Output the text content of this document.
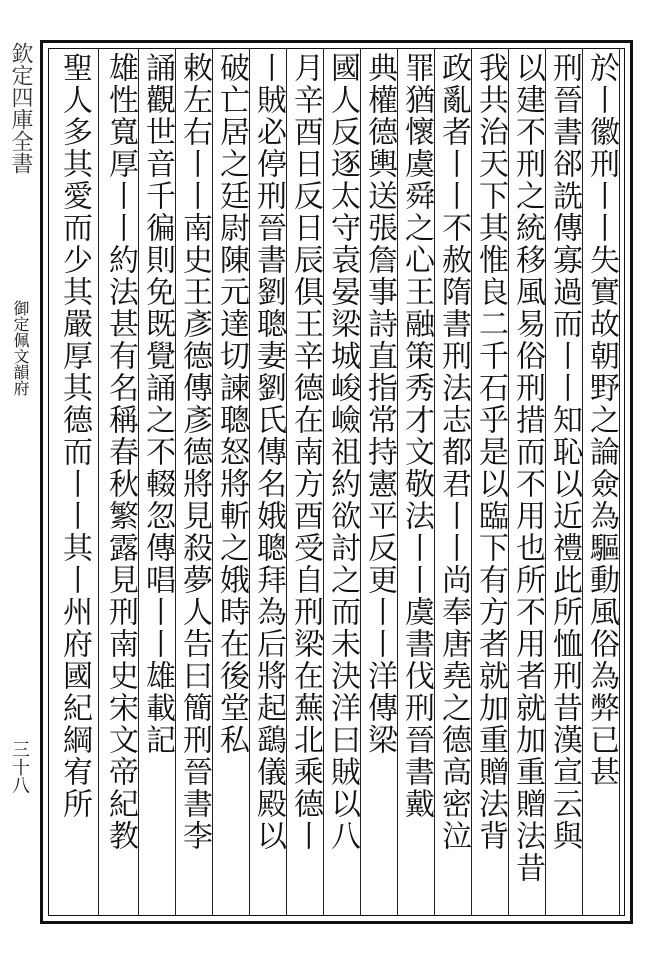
欽定四庫全書
御定佩文韻府
三十八	於丨徽刑丨丨失實故朝野之論僉為驅動風俗為弊已甚
刑晉書郤詵傳寡過而丨丨知恥以近禮此所恤刑昔漢宣云與
以建不刑之統移風易俗刑措而不用也所不用者就加重贈法昔
我共治天下其惟良二千石乎是以臨下有方者就加重贈法背
政亂者丨丨不赦隋書刑法志都君丨丨尚奉唐堯之德高密泣
罪猶懷虞舜之心王融策秀才文敬法丨丨虞書伐刑晉書戴
典權德輿送張詹事詩直指常持憲平反更丨丨洋傳梁
國人反逐太守袁晏梁城峻嶮祖約欲討之而未決洋曰賊以八
月辛酉日反日辰俱王辛德在南方酉受自刑梁在蕪北乘德丨
丨賊必停刑晉書劉聰妻劉氏傳名娥聰拜為后將起鷂儀殿以
破亡居之廷尉陳元達切諫聰怒將斬之娥時在後堂私
敕左右丨丨南史王彥德傳彥德將見殺夢人告曰簡刑晉書李
誦觀世音千徧則免既覺誦之不輟忽傳唱丨丨雄載記
雄性寬厚丨丨約法甚有名稱春秋繁露見刑南史宋文帝紀教
聖人多其愛而少其嚴厚其德而丨丨其丨州府國紀綱宥所
